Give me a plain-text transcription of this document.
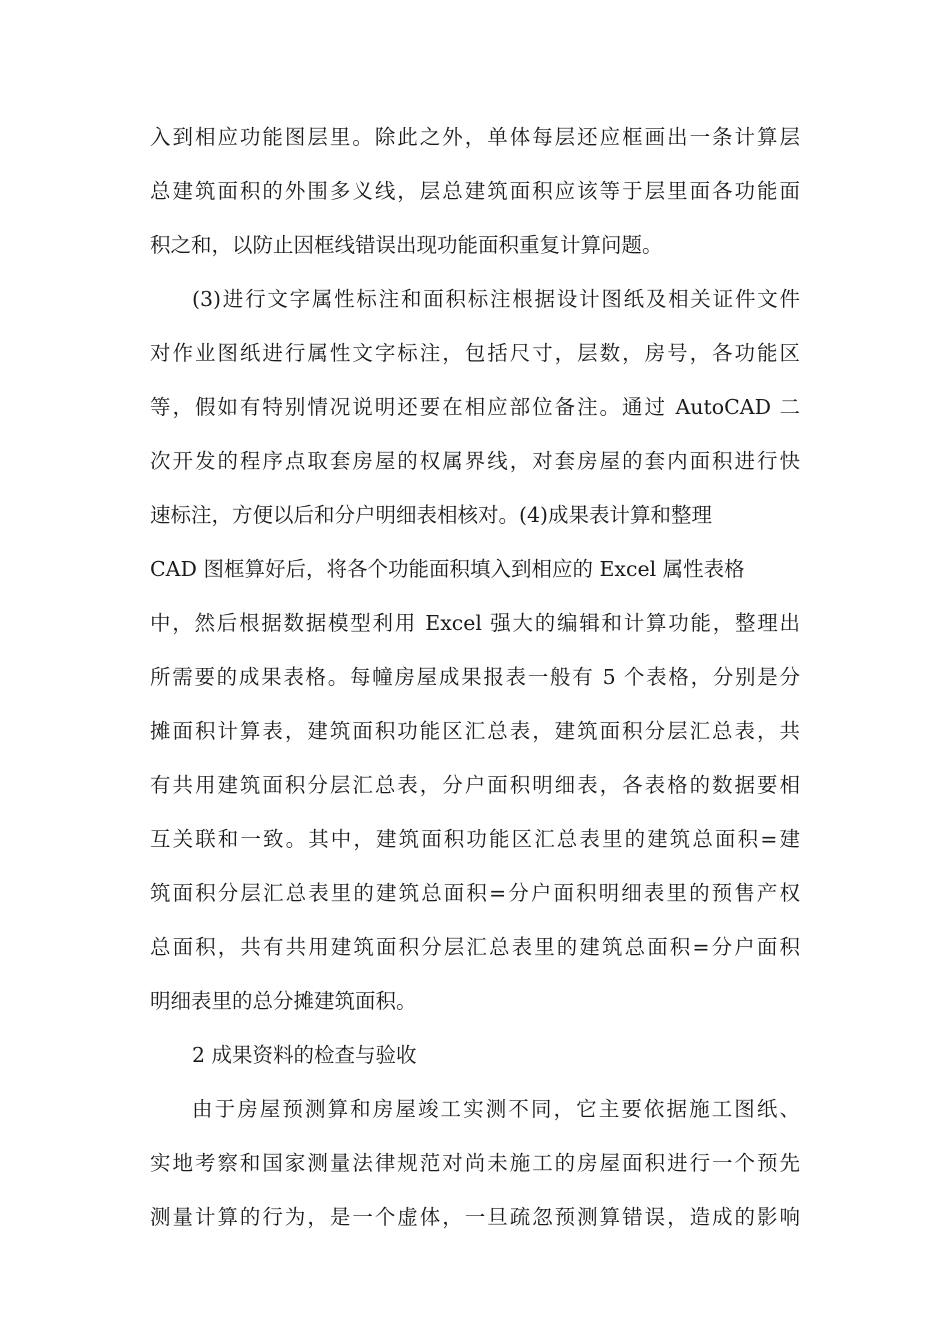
入到相应功能图层里。除此之外，单体每层还应框画出一条计算层
总建筑面积的外围多义线，层总建筑面积应该等于层里面各功能面
积之和，以防止因框线错误出现功能面积重复计算问题。
(3)进行文字属性标注和面积标注根据设计图纸及相关证件文件
对作业图纸进行属性文字标注，包括尺寸，层数，房号，各功能区
等，假如有特别情况说明还要在相应部位备注。通过 AutoCAD 二
次开发的程序点取套房屋的权属界线，对套房屋的套内面积进行快
速标注，方便以后和分户明细表相核对。(4)成果表计算和整理
CAD 图框算好后，将各个功能面积填入到相应的 Excel 属性表格
中，然后根据数据模型利用 Excel 强大的编辑和计算功能，整理出
所需要的成果表格。每幢房屋成果报表一般有 5 个表格，分别是分
摊面积计算表，建筑面积功能区汇总表，建筑面积分层汇总表，共
有共用建筑面积分层汇总表，分户面积明细表，各表格的数据要相
互关联和一致。其中，建筑面积功能区汇总表里的建筑总面积=建
筑面积分层汇总表里的建筑总面积=分户面积明细表里的预售产权
总面积，共有共用建筑面积分层汇总表里的建筑总面积=分户面积
明细表里的总分摊建筑面积。
2 成果资料的检查与验收
由于房屋预测算和房屋竣工实测不同，它主要依据施工图纸、
实地考察和国家测量法律规范对尚未施工的房屋面积进行一个预先
测量计算的行为，是一个虚体，一旦疏忽预测算错误，造成的影响
